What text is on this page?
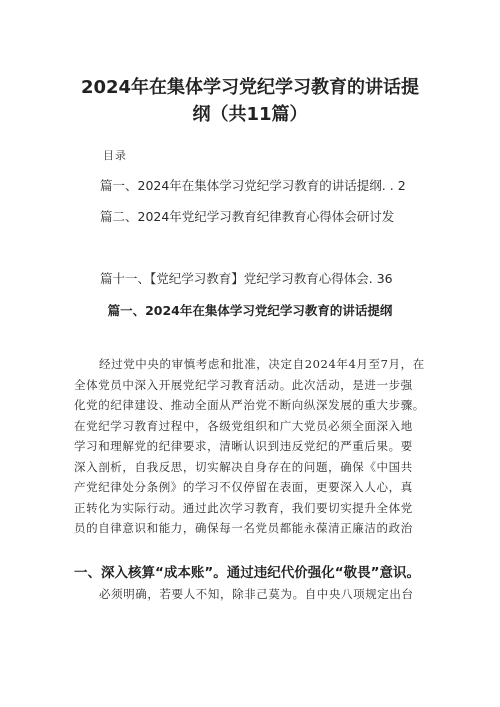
2024年在集体学习党纪学习教育的讲话提
纲（共11篇）
目录
篇一、2024年在集体学习党纪学习教育的讲话提纲. . 2
篇二、2024年党纪学习教育纪律教育心得体会研讨发
篇十一、【党纪学习教育】党纪学习教育心得体会. 36
篇一、2024年在集体学习党纪学习教育的讲话提纲
经过党中央的审慎考虑和批准，决定自2024年4月至7月，在
全体党员中深入开展党纪学习教育活动。此次活动，是进一步强
化党的纪律建设、推动全面从严治党不断向纵深发展的重大步骤。
在党纪学习教育过程中，各级党组织和广大党员必须全面深入地
学习和理解党的纪律要求，清晰认识到违反党纪的严重后果。要
深入剖析，自我反思，切实解决自身存在的问题，确保《中国共
产党纪律处分条例》的学习不仅停留在表面，更要深入人心，真
正转化为实际行动。通过此次学习教育，我们要切实提升全体党
员的自律意识和能力，确保每一名党员都能永葆清正廉洁的政治
一、深入核算“成本账”。通过违纪代价强化“敬畏”意识。
必须明确，若要人不知，除非己莫为。自中央八项规定出台
